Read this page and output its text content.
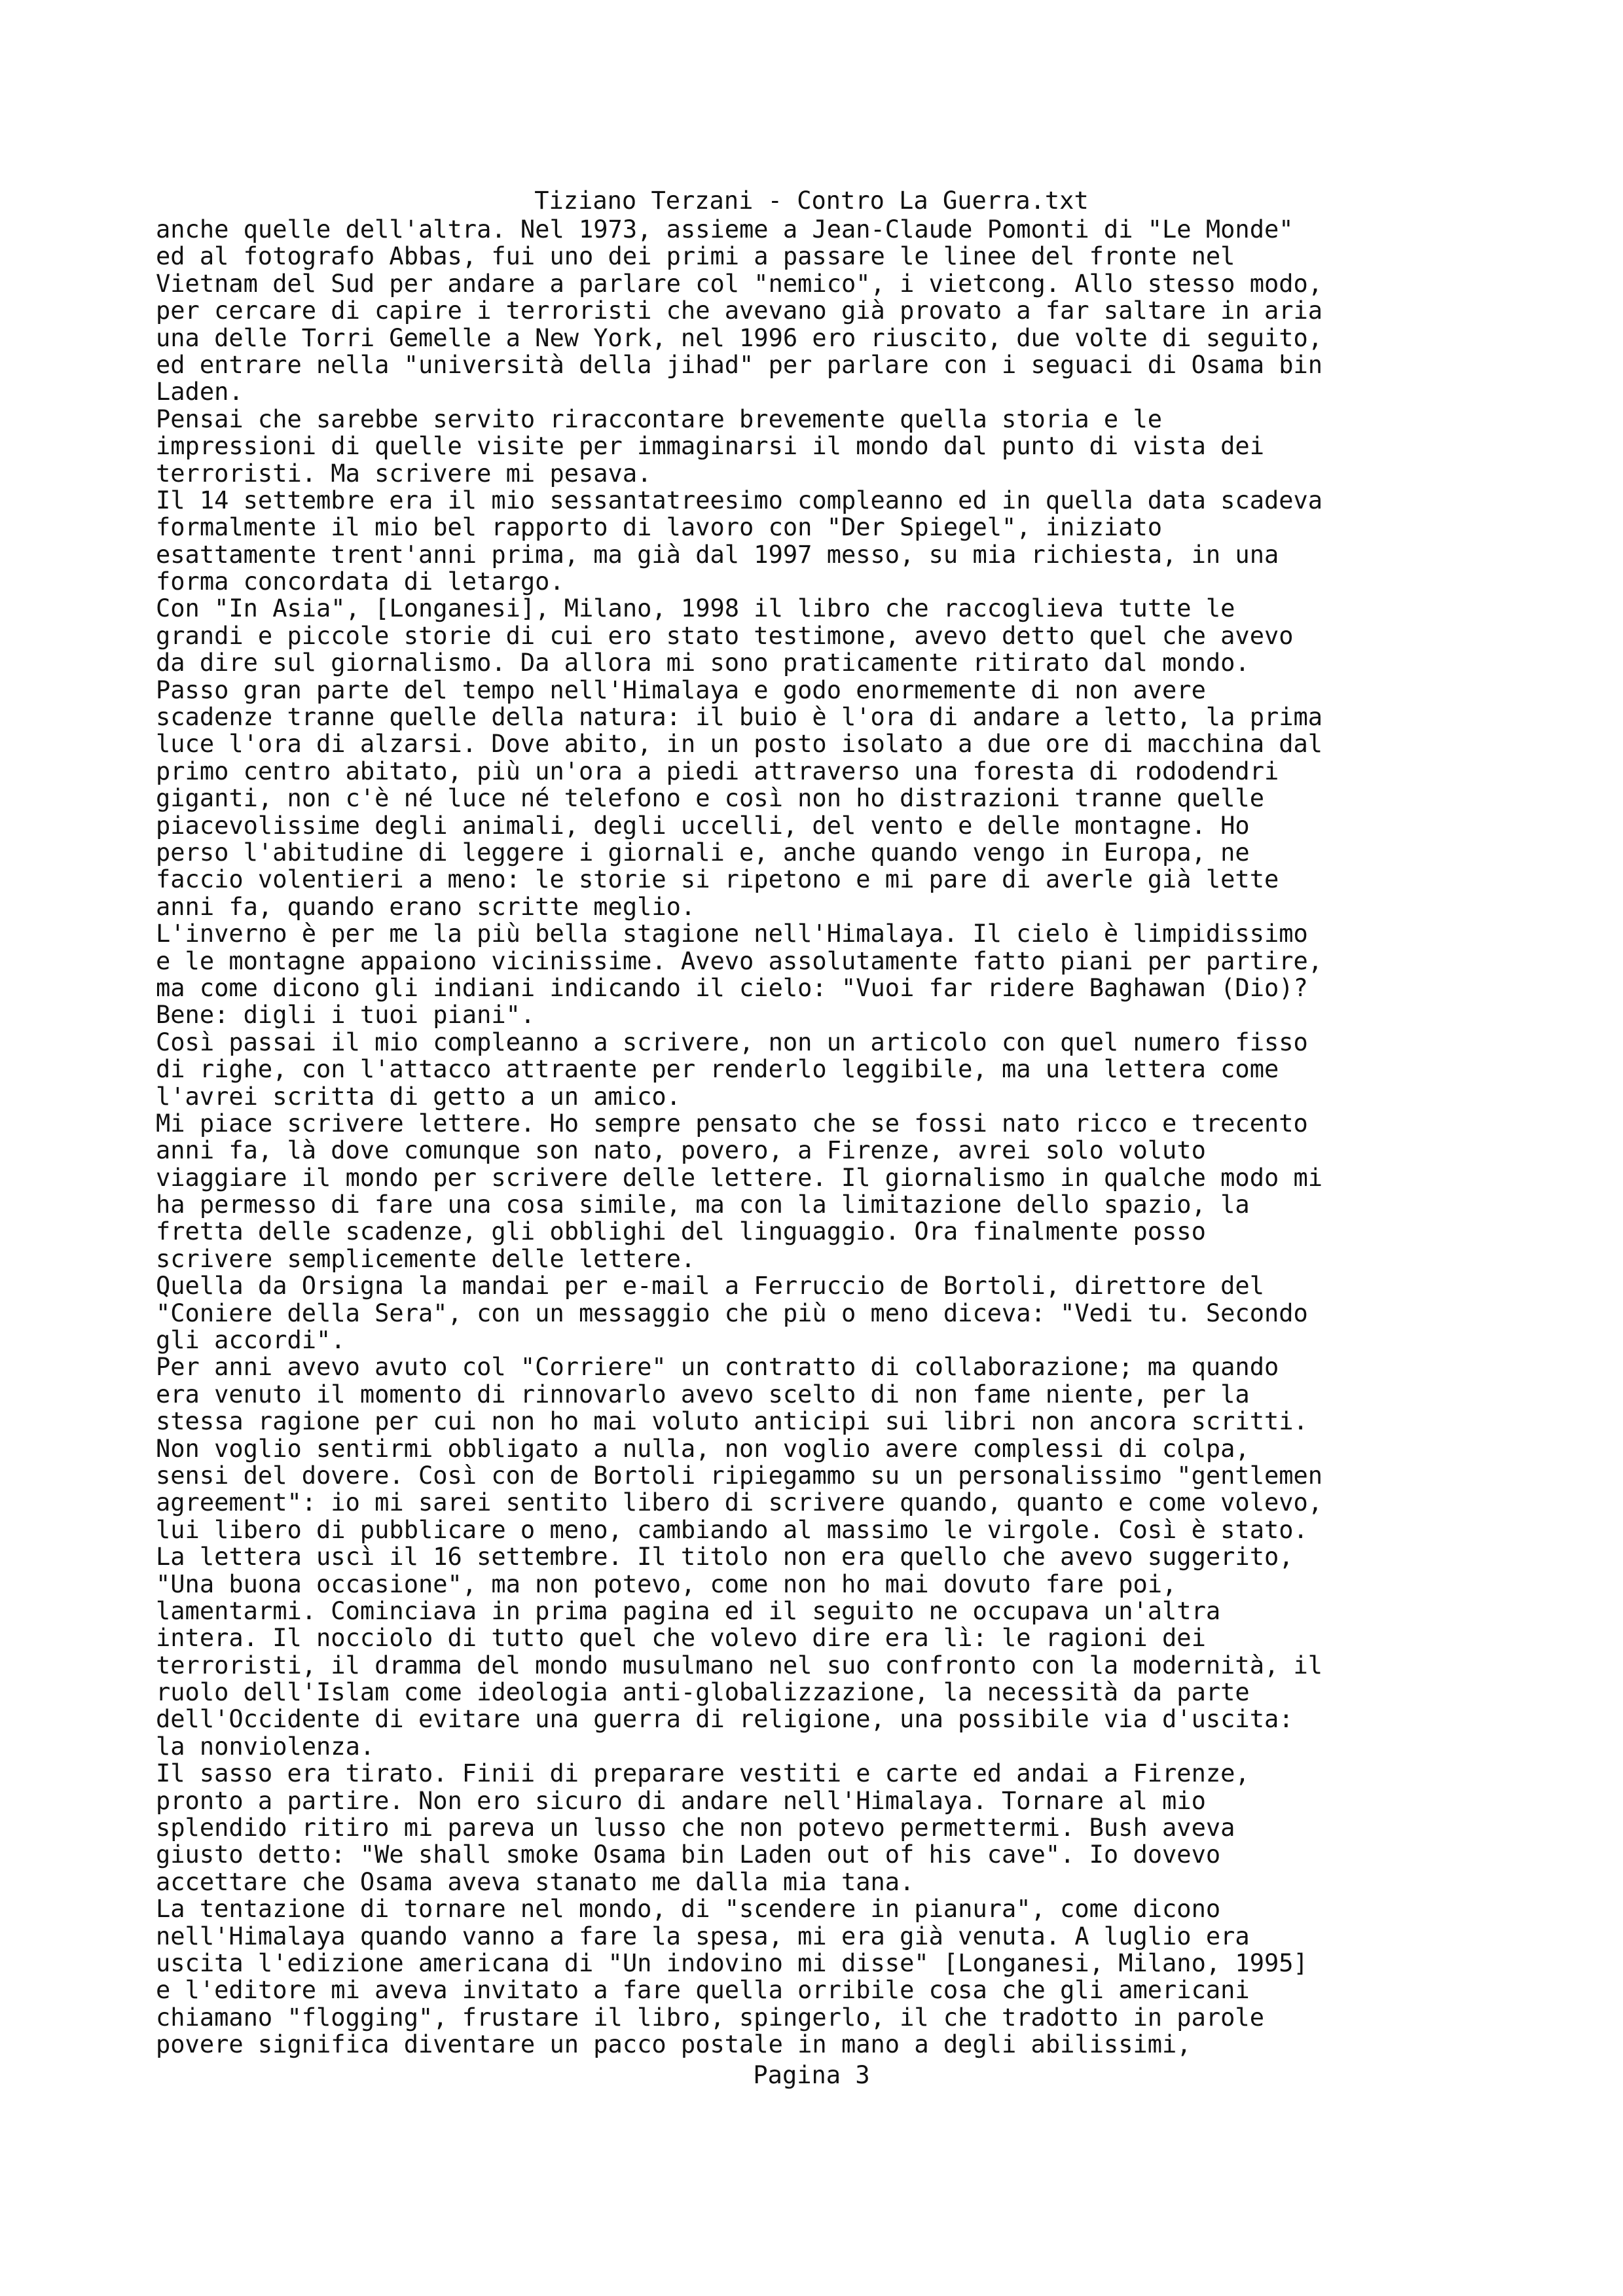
Tiziano Terzani - Contro La Guerra.txt
anche quelle dell'altra. Nel 1973, assieme a Jean-Claude Pomonti di "Le Monde"
ed al fotografo Abbas, fui uno dei primi a passare le linee del fronte nel
Vietnam del Sud per andare a parlare col "nemico", i vietcong. Allo stesso modo,
per cercare di capire i terroristi che avevano già provato a far saltare in aria
una delle Torri Gemelle a New York, nel 1996 ero riuscito, due volte di seguito,
ed entrare nella "università della jihad" per parlare con i seguaci di Osama bin
Laden.
Pensai che sarebbe servito riraccontare brevemente quella storia e le
impressioni di quelle visite per immaginarsi il mondo dal punto di vista dei
terroristi. Ma scrivere mi pesava.
Il 14 settembre era il mio sessantatreesimo compleanno ed in quella data scadeva
formalmente il mio bel rapporto di lavoro con "Der Spiegel", iniziato
esattamente trent'anni prima, ma già dal 1997 messo, su mia richiesta, in una
forma concordata di letargo.
Con "In Asia", [Longanesi], Milano, 1998 il libro che raccoglieva tutte le
grandi e piccole storie di cui ero stato testimone, avevo detto quel che avevo
da dire sul giornalismo. Da allora mi sono praticamente ritirato dal mondo.
Passo gran parte del tempo nell'Himalaya e godo enormemente di non avere
scadenze tranne quelle della natura: il buio è l'ora di andare a letto, la prima
luce l'ora di alzarsi. Dove abito, in un posto isolato a due ore di macchina dal
primo centro abitato, più un'ora a piedi attraverso una foresta di rododendri
giganti, non c'è né luce né telefono e così non ho distrazioni tranne quelle
piacevolissime degli animali, degli uccelli, del vento e delle montagne. Ho
perso l'abitudine di leggere i giornali e, anche quando vengo in Europa, ne
faccio volentieri a meno: le storie si ripetono e mi pare di averle già lette
anni fa, quando erano scritte meglio.
L'inverno è per me la più bella stagione nell'Himalaya. Il cielo è limpidissimo
e le montagne appaiono vicinissime. Avevo assolutamente fatto piani per partire,
ma come dicono gli indiani indicando il cielo: "Vuoi far ridere Baghawan (Dio)?
Bene: digli i tuoi piani".
Così passai il mio compleanno a scrivere, non un articolo con quel numero fisso
di righe, con l'attacco attraente per renderlo leggibile, ma una lettera come
l'avrei scritta di getto a un amico.
Mi piace scrivere lettere. Ho sempre pensato che se fossi nato ricco e trecento
anni fa, là dove comunque son nato, povero, a Firenze, avrei solo voluto
viaggiare il mondo per scrivere delle lettere. Il giornalismo in qualche modo mi
ha permesso di fare una cosa simile, ma con la limitazione dello spazio, la
fretta delle scadenze, gli obblighi del linguaggio. Ora finalmente posso
scrivere semplicemente delle lettere.
Quella da Orsigna la mandai per e-mail a Ferruccio de Bortoli, direttore del
"Coniere della Sera", con un messaggio che più o meno diceva: "Vedi tu. Secondo
gli accordi".
Per anni avevo avuto col "Corriere" un contratto di collaborazione; ma quando
era venuto il momento di rinnovarlo avevo scelto di non fame niente, per la
stessa ragione per cui non ho mai voluto anticipi sui libri non ancora scritti.
Non voglio sentirmi obbligato a nulla, non voglio avere complessi di colpa,
sensi del dovere. Così con de Bortoli ripiegammo su un personalissimo "gentlemen
agreement": io mi sarei sentito libero di scrivere quando, quanto e come volevo,
lui libero di pubblicare o meno, cambiando al massimo le virgole. Così è stato.
La lettera uscì il 16 settembre. Il titolo non era quello che avevo suggerito,
"Una buona occasione", ma non potevo, come non ho mai dovuto fare poi,
lamentarmi. Cominciava in prima pagina ed il seguito ne occupava un'altra
intera. Il nocciolo di tutto quel che volevo dire era lì: le ragioni dei
terroristi, il dramma del mondo musulmano nel suo confronto con la modernità, il
ruolo dell'Islam come ideologia anti-globalizzazione, la necessità da parte
dell'Occidente di evitare una guerra di religione, una possibile via d'uscita:
la nonviolenza.
Il sasso era tirato. Finii di preparare vestiti e carte ed andai a Firenze,
pronto a partire. Non ero sicuro di andare nell'Himalaya. Tornare al mio
splendido ritiro mi pareva un lusso che non potevo permettermi. Bush aveva
giusto detto: "We shall smoke Osama bin Laden out of his cave". Io dovevo
accettare che Osama aveva stanato me dalla mia tana.
La tentazione di tornare nel mondo, di "scendere in pianura", come dicono
nell'Himalaya quando vanno a fare la spesa, mi era già venuta. A luglio era
uscita l'edizione americana di "Un indovino mi disse" [Longanesi, Milano, 1995]
e l'editore mi aveva invitato a fare quella orribile cosa che gli americani
chiamano "flogging", frustare il libro, spingerlo, il che tradotto in parole
povere significa diventare un pacco postale in mano a degli abilissimi,
Pagina 3
